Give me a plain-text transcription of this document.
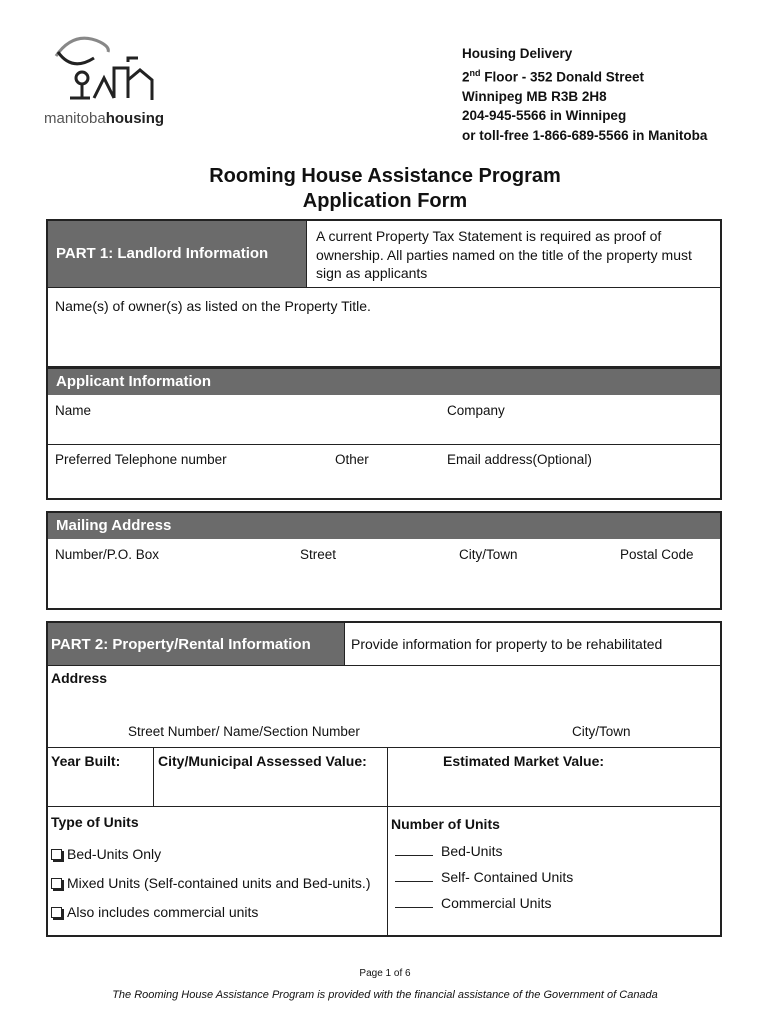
manitobahousing
Housing Delivery
2nd Floor - 352 Donald Street
Winnipeg MB R3B 2H8
204-945-5566 in Winnipeg
or toll-free 1-866-689-5566 in Manitoba
Rooming House Assistance Program
Application Form
PART 1: Landlord Information
A current Property Tax Statement is required as proof of ownership. All parties named on the title of the property must sign as applicants
Name(s) of owner(s) as listed on the Property Title.
Applicant Information
Name	Company
Preferred Telephone number	Other	Email address(Optional)
Mailing Address
Number/P.O. Box	Street	City/Town	Postal Code
PART 2: Property/Rental Information	Provide information for property to be rehabilitated
Address
Street Number/ Name/Section Number	City/Town
Year Built:	City/Municipal Assessed Value:	Estimated Market Value:
Type of Units
Bed-Units Only
Mixed Units (Self-contained units and Bed-units.)
Also includes commercial units
Number of Units
Bed-Units
Self- Contained Units
Commercial Units
Page 1 of 6
The Rooming House Assistance Program is provided with the financial assistance of the Government of Canada
